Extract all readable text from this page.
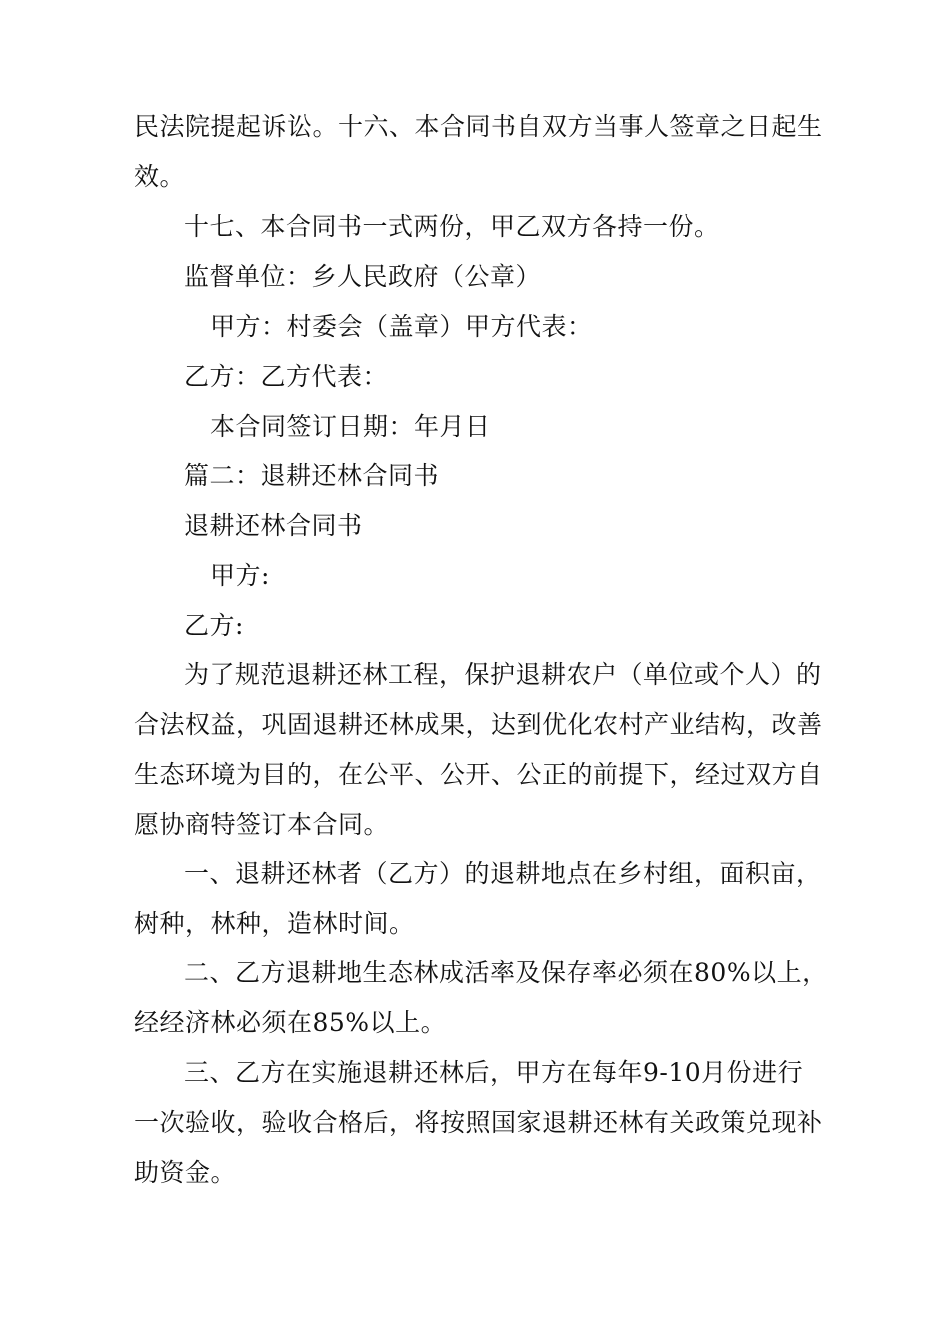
民法院提起诉讼。十六、本合同书自双方当事人签章之日起生
效。
十七、本合同书一式两份，甲乙双方各持一份。
监督单位：乡人民政府（公章）
甲方：村委会（盖章）甲方代表：
乙方：乙方代表：
本合同签订日期：年月日
篇二：退耕还林合同书
退耕还林合同书
甲方:
乙方:
为了规范退耕还林工程，保护退耕农户（单位或个人）的
合法权益，巩固退耕还林成果，达到优化农村产业结构，改善
生态环境为目的，在公平、公开、公正的前提下，经过双方自
愿协商特签订本合同。
一、退耕还林者（乙方）的退耕地点在乡村组，面积亩，
树种，林种，造林时间。
二、乙方退耕地生态林成活率及保存率必须在80%以上，
经经济林必须在85%以上。
三、乙方在实施退耕还林后，甲方在每年9-10月份进行
一次验收，验收合格后，将按照国家退耕还林有关政策兑现补
助资金。
